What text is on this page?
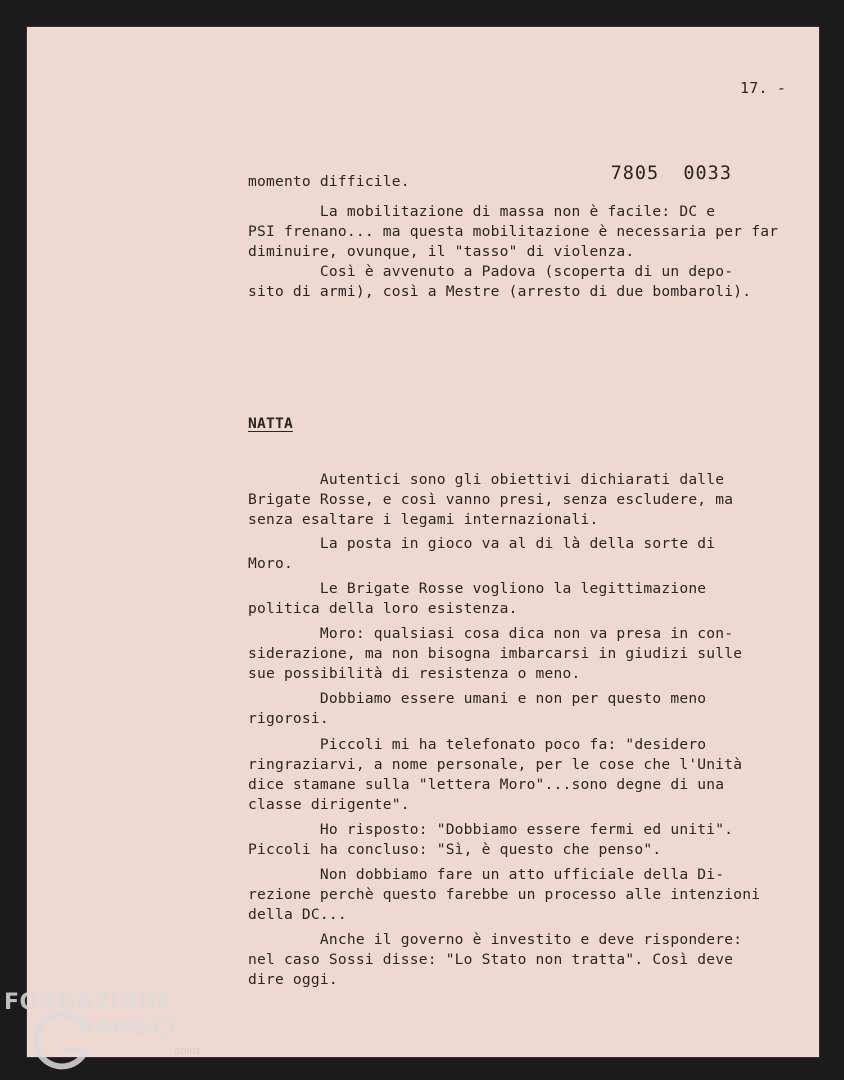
17. -

7805 0033

momento difficile.
La mobilitazione di massa non è facile: DC e
PSI frenano... ma questa mobilitazione è necessaria per far
diminuire, ovunque, il "tasso" di violenza.
Così è avvenuto a Padova (scoperta di un depo-
sito di armi), così a Mestre (arresto di due bombaroli).
NATTA
Autentici sono gli obiettivi dichiarati dalle
Brigate Rosse, e così vanno presi, senza escludere, ma
senza esaltare i legami internazionali.
La posta in gioco va al di là della sorte di
Moro.
Le Brigate Rosse vogliono la legittimazione
politica della loro esistenza.
Moro: qualsiasi cosa dica non va presa in con-
siderazione, ma non bisogna imbarcarsi in giudizi sulle
sue possibilità di resistenza o meno.
Dobbiamo essere umani e non per questo meno
rigorosi.
Piccoli mi ha telefonato poco fa: "desidero
ringraziarvi, a nome personale, per le cose che l'Unità
dice stamane sulla "lettera Moro"...sono degne di una
classe dirigente".
Ho risposto: "Dobbiamo essere fermi ed uniti".
Piccoli ha concluso: "Sì, è questo che penso".
Non dobbiamo fare un atto ufficiale della Di-
rezione perchè questo farebbe un processo alle intenzioni
della DC...
Anche il governo è investito e deve rispondere:
nel caso Sossi disse: "Lo Stato non tratta". Così deve
dire oggi.
FONDAZIONE
RAMSCI
onlus
